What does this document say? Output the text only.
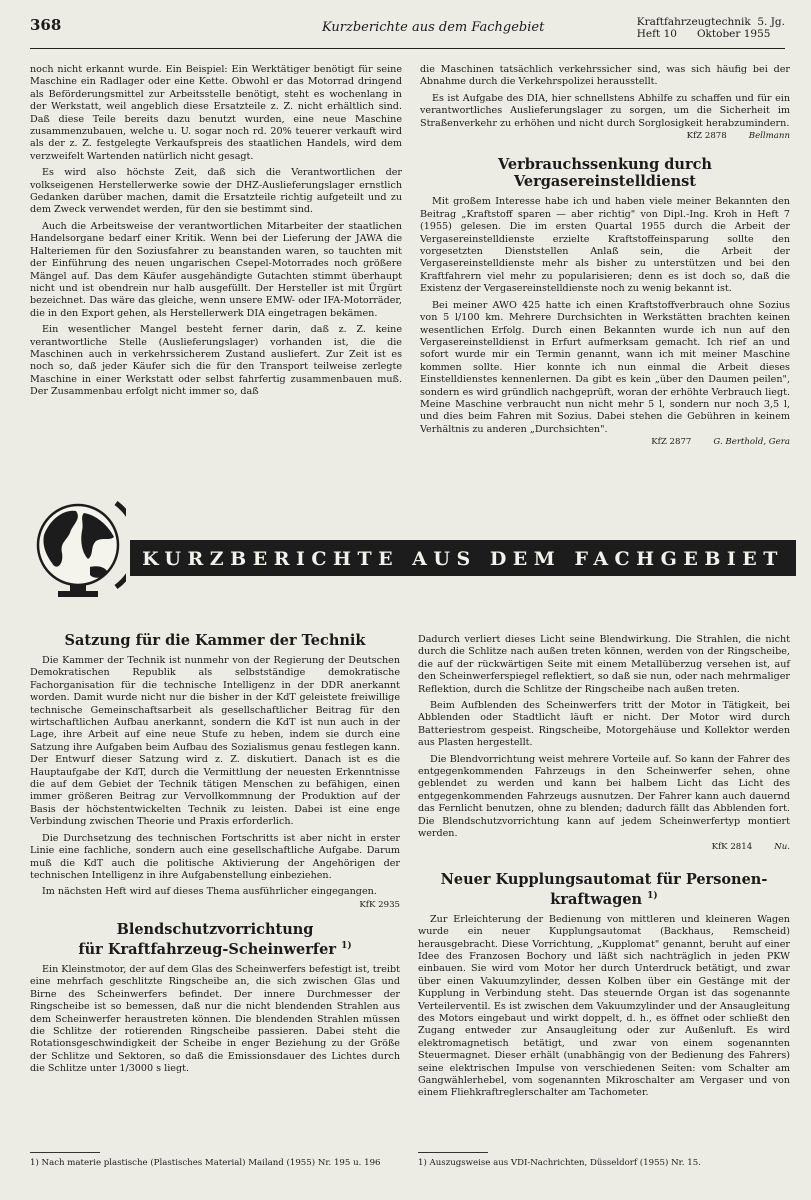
368	Kurzberichte aus dem Fachgebiet	Kraftfahrzeugtechnik  5. Jg.
Heft 10      Oktober 1955

noch nicht erkannt wurde. Ein Beispiel: Ein Werktätiger benötigt für seine Maschine ein Radlager oder eine Kette. Obwohl er das Motorrad dringend als Beförderungsmittel zur Arbeitsstelle benötigt, steht es wochenlang in der Werkstatt, weil angeblich diese Ersatzteile z. Z. nicht erhältlich sind. Daß diese Teile bereits dazu benutzt wurden, eine neue Maschine zusammenzubauen, welche u. U. sogar noch rd. 20% teuerer verkauft wird als der z. Z. festgelegte Verkaufspreis des staatlichen Handels, wird dem verzweifelt Wartenden natürlich nicht gesagt.

Es wird also höchste Zeit, daß sich die Verantwortlichen der volkseigenen Herstellerwerke sowie der DHZ-Auslieferungslager ernstlich Gedanken darüber machen, damit die Ersatzteile richtig aufgeteilt und zu dem Zweck verwendet werden, für den sie bestimmt sind.

Auch die Arbeitsweise der verantwortlichen Mitarbeiter der staatlichen Handelsorgane bedarf einer Kritik. Wenn bei der Lieferung der JAWA die Halteriemen für den Soziusfahrer zu beanstanden waren, so tauchten mit der Einführung des neuen ungarischen Csepel-Motorrades noch größere Mängel auf. Das dem Käufer ausgehändigte Gutachten stimmt überhaupt nicht und ist obendrein nur halb ausgefüllt. Der Hersteller ist mit Ürgürt bezeichnet. Das wäre das gleiche, wenn unsere EMW- oder IFA-Motorräder, die in den Export gehen, als Herstellerwerk DIA eingetragen bekämen.

Ein wesentlicher Mangel besteht ferner darin, daß z. Z. keine verantwortliche Stelle (Auslieferungslager) vorhanden ist, die die Maschinen auch in verkehrssicherem Zustand ausliefert. Zur Zeit ist es noch so, daß jeder Käufer sich die für den Transport teilweise zerlegte Maschine in einer Werkstatt oder selbst fahrfertig zusammenbauen muß. Der Zusammenbau erfolgt nicht immer so, daß

die Maschinen tatsächlich verkehrssicher sind, was sich häufig bei der Abnahme durch die Verkehrspolizei herausstellt.

Es ist Aufgabe des DIA, hier schnellstens Abhilfe zu schaffen und für ein verantwortliches Auslieferungslager zu sorgen, um die Sicherheit im Straßenverkehr zu erhöhen und nicht durch Sorglosigkeit herabzumindern.

KfZ 2878	Bellmann
Verbrauchssenkung durch Vergasereinstelldienst

Mit großem Interesse habe ich und haben viele meiner Bekannten den Beitrag „Kraftstoff sparen — aber richtig" von Dipl.-Ing. Kroh in Heft 7 (1955) gelesen. Die im ersten Quartal 1955 durch die Arbeit der Vergasereinstelldienste erzielte Kraftstoffeinsparung sollte den vorgesetzten Dienststellen Anlaß sein, die Arbeit der Vergasereinstelldienste mehr als bisher zu unterstützen und bei den Kraftfahrern viel mehr zu popularisieren; denn es ist doch so, daß die Existenz der Vergasereinstelldienste noch zu wenig bekannt ist.

Bei meiner AWO 425 hatte ich einen Kraftstoffverbrauch ohne Sozius von 5 l/100 km. Mehrere Durchsichten in Werkstätten brachten keinen wesentlichen Erfolg. Durch einen Bekannten wurde ich nun auf den Vergasereinstelldienst in Erfurt aufmerksam gemacht. Ich rief an und sofort wurde mir ein Termin genannt, wann ich mit meiner Maschine kommen sollte. Hier konnte ich nun einmal die Arbeit dieses Einstelldienstes kennenlernen. Da gibt es kein „über den Daumen peilen", sondern es wird gründlich nachgeprüft, woran der erhöhte Verbrauch liegt. Meine Maschine verbraucht nun nicht mehr 5 l, sondern nur noch 3,5 l, und dies beim Fahren mit Sozius. Dabei stehen die Gebühren in keinem Verhältnis zu anderen „Durchsichten".

KfZ 2877	G. Berthold, Gera
KURZBERICHTE AUS DEM FACHGEBIET
Satzung für die Kammer der Technik

Die Kammer der Technik ist nunmehr von der Regierung der Deutschen Demokratischen Republik als selbstständige demokratische Fachorganisation für die technische Intelligenz in der DDR anerkannt worden. Damit wurde nicht nur die bisher in der KdT geleistete freiwillige technische Gemeinschaftsarbeit als gesellschaftlicher Beitrag für den wirtschaftlichen Aufbau anerkannt, sondern die KdT ist nun auch in der Lage, ihre Arbeit auf eine neue Stufe zu heben, indem sie durch eine Satzung ihre Aufgaben beim Aufbau des Sozialismus genau festlegen kann. Der Entwurf dieser Satzung wird z. Z. diskutiert. Danach ist es die Hauptaufgabe der KdT, durch die Vermittlung der neuesten Erkenntnisse die auf dem Gebiet der Technik tätigen Menschen zu befähigen, einen immer größeren Beitrag zur Vervollkommnung der Produktion auf der Basis der höchstentwickelten Technik zu leisten. Dabei ist eine enge Verbindung zwischen Theorie und Praxis erforderlich.

Die Durchsetzung des technischen Fortschritts ist aber nicht in erster Linie eine fachliche, sondern auch eine gesellschaftliche Aufgabe. Darum muß die KdT auch die politische Aktivierung der Angehörigen der technischen Intelligenz in ihre Aufgabenstellung einbeziehen.

Im nächsten Heft wird auf dieses Thema ausführlicher eingegangen.

KfK 2935
Blendschutzvorrichtung
für Kraftfahrzeug-Scheinwerfer $^{1)}$

Ein Kleinstmotor, der auf dem Glas des Scheinwerfers befestigt ist, treibt eine mehrfach geschlitzte Ringscheibe an, die sich zwischen Glas und Birne des Scheinwerfers befindet. Der innere Durchmesser der Ringscheibe ist so bemessen, daß nur die nicht blendenden Strahlen aus dem Scheinwerfer heraustreten können. Die blendenden Strahlen müssen die Schlitze der rotierenden Ringscheibe passieren. Dabei steht die Rotationsgeschwindigkeit der Scheibe in enger Beziehung zu der Größe der Schlitze und Sektoren, so daß die Emissionsdauer des Lichtes durch die Schlitze unter 1/3000 s liegt.

1) Nach materie plastische (Plastisches Material) Mailand (1955) Nr. 195 u. 196

Dadurch verliert dieses Licht seine Blendwirkung. Die Strahlen, die nicht durch die Schlitze nach außen treten können, werden von der Ringscheibe, die auf der rückwärtigen Seite mit einem Metallüberzug versehen ist, auf den Scheinwerferspiegel reflektiert, so daß sie nun, oder nach mehrmaliger Reflektion, durch die Schlitze der Ringscheibe nach außen treten.

Beim Aufblenden des Scheinwerfers tritt der Motor in Tätigkeit, bei Abblenden oder Stadtlicht läuft er nicht. Der Motor wird durch Batteriestrom gespeist. Ringscheibe, Motorgehäuse und Kollektor werden aus Plasten hergestellt.

Die Blendvorrichtung weist mehrere Vorteile auf. So kann der Fahrer des entgegenkommenden Fahrzeugs in den Scheinwerfer sehen, ohne geblendet zu werden und kann bei halbem Licht das Licht des entgegenkommenden Fahrzeugs ausnutzen. Der Fahrer kann auch dauernd das Fernlicht benutzen, ohne zu blenden; dadurch fällt das Abblenden fort. Die Blendschutzvorrichtung kann auf jedem Scheinwerfertyp montiert werden.

KfK 2814	Nu.
Neuer Kupplungsautomat für Personen-
kraftwagen $^{1)}$

Zur Erleichterung der Bedienung von mittleren und kleineren Wagen wurde ein neuer Kupplungsautomat (Backhaus, Remscheid) herausgebracht. Diese Vorrichtung, „Kupplomat" genannt, beruht auf einer Idee des Franzosen Bochory und läßt sich nachträglich in jeden PKW einbauen. Sie wird vom Motor her durch Unterdruck betätigt, und zwar über einen Vakuumzylinder, dessen Kolben über ein Gestänge mit der Kupplung in Verbindung steht. Das steuernde Organ ist das sogenannte Verteilerventil. Es ist zwischen dem Vakuumzylinder und der Ansaugleitung des Motors eingebaut und wirkt doppelt, d. h., es öffnet oder schließt den Zugang entweder zur Ansaugleitung oder zur Außenluft. Es wird elektromagnetisch betätigt, und zwar von einem sogenannten Steuermagnet. Dieser erhält (unabhängig von der Bedienung des Fahrers) seine elektrischen Impulse von verschiedenen Seiten: vom Schalter am Gangwählerhebel, vom sogenannten Mikroschalter am Vergaser und von einem Fliehkraftreglerschalter am Tachometer.

1) Auszugsweise aus VDI-Nachrichten, Düsseldorf (1955) Nr. 15.
